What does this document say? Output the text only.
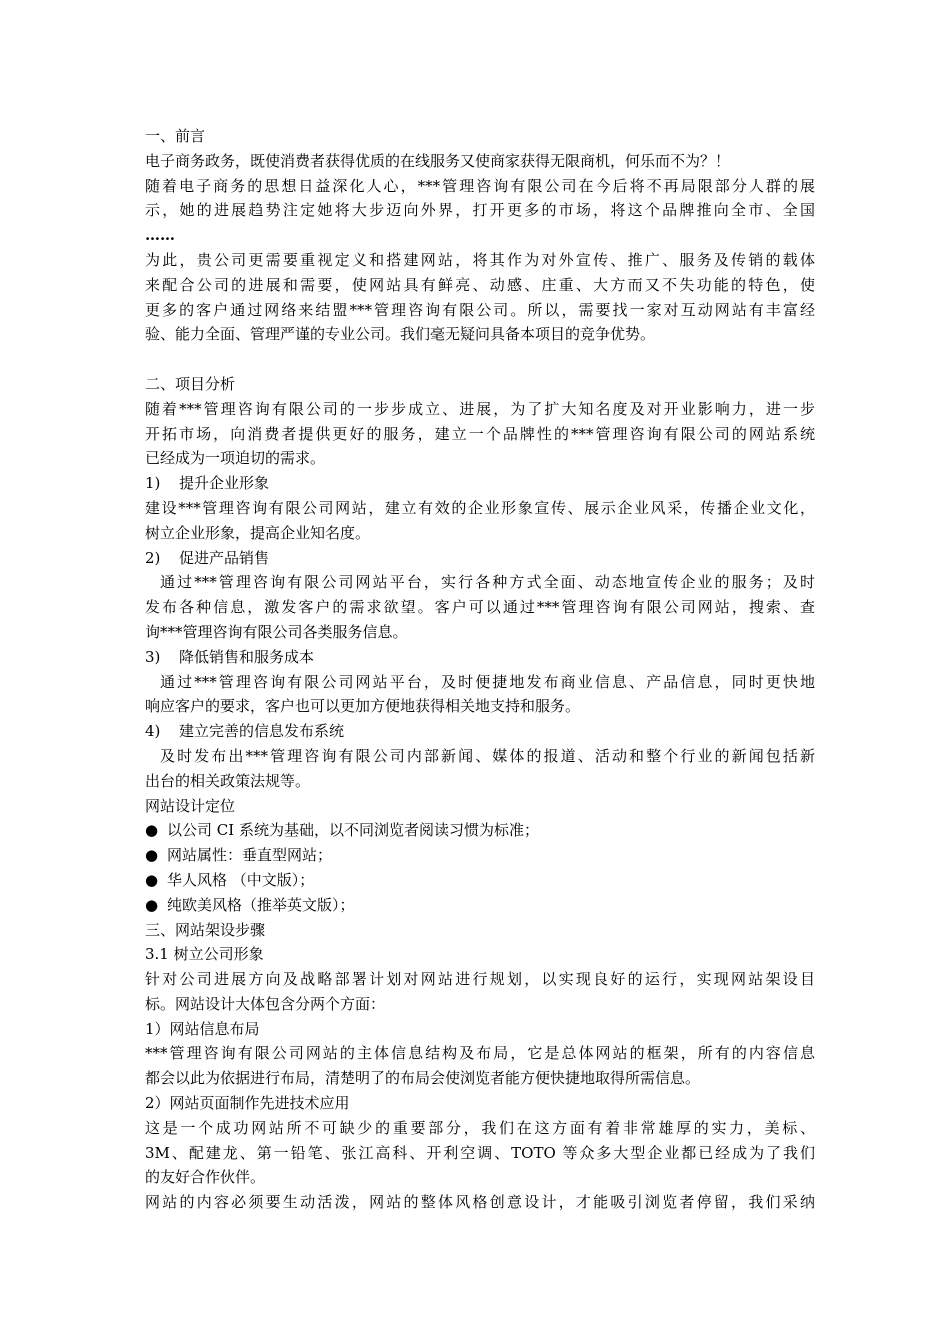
一、前言
电子商务政务，既使消费者获得优质的在线服务又使商家获得无限商机，何乐而不为？！
随着电子商务的思想日益深化人心，***管理咨询有限公司在今后将不再局限部分人群的展
示，她的进展趋势注定她将大步迈向外界，打开更多的市场，将这个品牌推向全市、全国
……
为此，贵公司更需要重视定义和搭建网站，将其作为对外宣传、推广、服务及传销的载体
来配合公司的进展和需要，使网站具有鲜亮、动感、庄重、大方而又不失功能的特色，使
更多的客户通过网络来结盟***管理咨询有限公司。所以，需要找一家对互动网站有丰富经
验、能力全面、管理严谨的专业公司。我们毫无疑问具备本项目的竞争优势。
二、项目分析
随着***管理咨询有限公司的一步步成立、进展，为了扩大知名度及对开业影响力，进一步
开拓市场，向消费者提供更好的服务，建立一个品牌性的***管理咨询有限公司的网站系统
已经成为一项迫切的需求。
1) 提升企业形象
建设***管理咨询有限公司网站，建立有效的企业形象宣传、展示企业风采，传播企业文化，
树立企业形象，提高企业知名度。
2) 促进产品销售
通过***管理咨询有限公司网站平台，实行各种方式全面、动态地宣传企业的服务；及时
发布各种信息，激发客户的需求欲望。客户可以通过***管理咨询有限公司网站，搜索、查
询***管理咨询有限公司各类服务信息。
3) 降低销售和服务成本
通过***管理咨询有限公司网站平台，及时便捷地发布商业信息、产品信息，同时更快地
响应客户的要求，客户也可以更加方便地获得相关地支持和服务。
4) 建立完善的信息发布系统
及时发布出***管理咨询有限公司内部新闻、媒体的报道、活动和整个行业的新闻包括新
出台的相关政策法规等。
网站设计定位
● 以公司 CI 系统为基础，以不同浏览者阅读习惯为标准；
● 网站属性：垂直型网站；
● 华人风格 （中文版）；
● 纯欧美风格（推举英文版）；
三、网站架设步骤
3.1 树立公司形象
针对公司进展方向及战略部署计划对网站进行规划，以实现良好的运行，实现网站架设目
标。网站设计大体包含分两个方面：
1）网站信息布局
***管理咨询有限公司网站的主体信息结构及布局，它是总体网站的框架，所有的内容信息
都会以此为依据进行布局，清楚明了的布局会使浏览者能方便快捷地取得所需信息。
2）网站页面制作先进技术应用
这是一个成功网站所不可缺少的重要部分，我们在这方面有着非常雄厚的实力，美标、
3M、配建龙、第一铅笔、张江高科、开利空调、TOTO 等众多大型企业都已经成为了我们
的友好合作伙伴。
网站的内容必须要生动活泼，网站的整体风格创意设计，才能吸引浏览者停留，我们采纳
